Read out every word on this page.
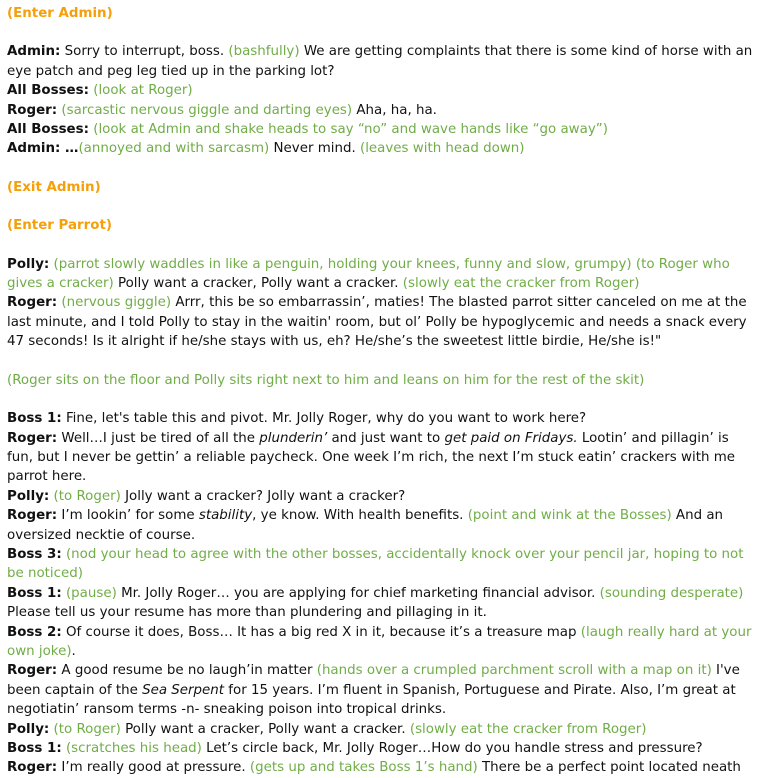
(Enter Admin)

Admin: Sorry to interrupt, boss. (bashfully) We are getting complaints that there is some kind of horse with an eye patch and peg leg tied up in the parking lot?

All Bosses: (look at Roger)

Roger: (sarcastic nervous giggle and darting eyes) Aha, ha, ha.

All Bosses: (look at Admin and shake heads to say “no” and wave hands like “go away”)

Admin: …(annoyed and with sarcasm) Never mind. (leaves with head down)

(Exit Admin)

(Enter Parrot)

Polly: (parrot slowly waddles in like a penguin, holding your knees, funny and slow, grumpy) (to Roger who gives a cracker) Polly want a cracker, Polly want a cracker. (slowly eat the cracker from Roger)

Roger: (nervous giggle) Arrr, this be so embarrassin’, maties! The blasted parrot sitter canceled on me at the last minute, and I told Polly to stay in the waitin' room, but ol’ Polly be hypoglycemic and needs a snack every 47 seconds! Is it alright if he/she stays with us, eh? He/she’s the sweetest little birdie, He/she is!"

(Roger sits on the floor and Polly sits right next to him and leans on him for the rest of the skit)

Boss 1: Fine, let's table this and pivot. Mr. Jolly Roger, why do you want to work here?

Roger: Well…I just be tired of all the plunderin’ and just want to get paid on Fridays. Lootin’ and pillagin’ is fun, but I never be gettin’ a reliable paycheck. One week I’m rich, the next I’m stuck eatin’ crackers with me parrot here.

Polly: (to Roger) Jolly want a cracker? Jolly want a cracker?

Roger: I’m lookin’ for some stability, ye know. With health benefits. (point and wink at the Bosses) And an oversized necktie of course.

Boss 3: (nod your head to agree with the other bosses, accidentally knock over your pencil jar, hoping to not be noticed)

Boss 1: (pause) Mr. Jolly Roger… you are applying for chief marketing financial advisor. (sounding desperate) Please tell us your resume has more than plundering and pillaging in it.

Boss 2: Of course it does, Boss… It has a big red X in it, because it’s a treasure map (laugh really hard at your own joke).

Roger: A good resume be no laugh’in matter (hands over a crumpled parchment scroll with a map on it) I've been captain of the Sea Serpent for 15 years. I’m fluent in Spanish, Portuguese and Pirate. Also, I’m great at negotiatin’ ransom terms -n- sneaking poison into tropical drinks.

Polly: (to Roger) Polly want a cracker, Polly want a cracker. (slowly eat the cracker from Roger)

Boss 1: (scratches his head) Let’s circle back, Mr. Jolly Roger…How do you handle stress and pressure?

Roger: I’m really good at pressure. (gets up and takes Boss 1’s hand) There be a perfect point located neath
